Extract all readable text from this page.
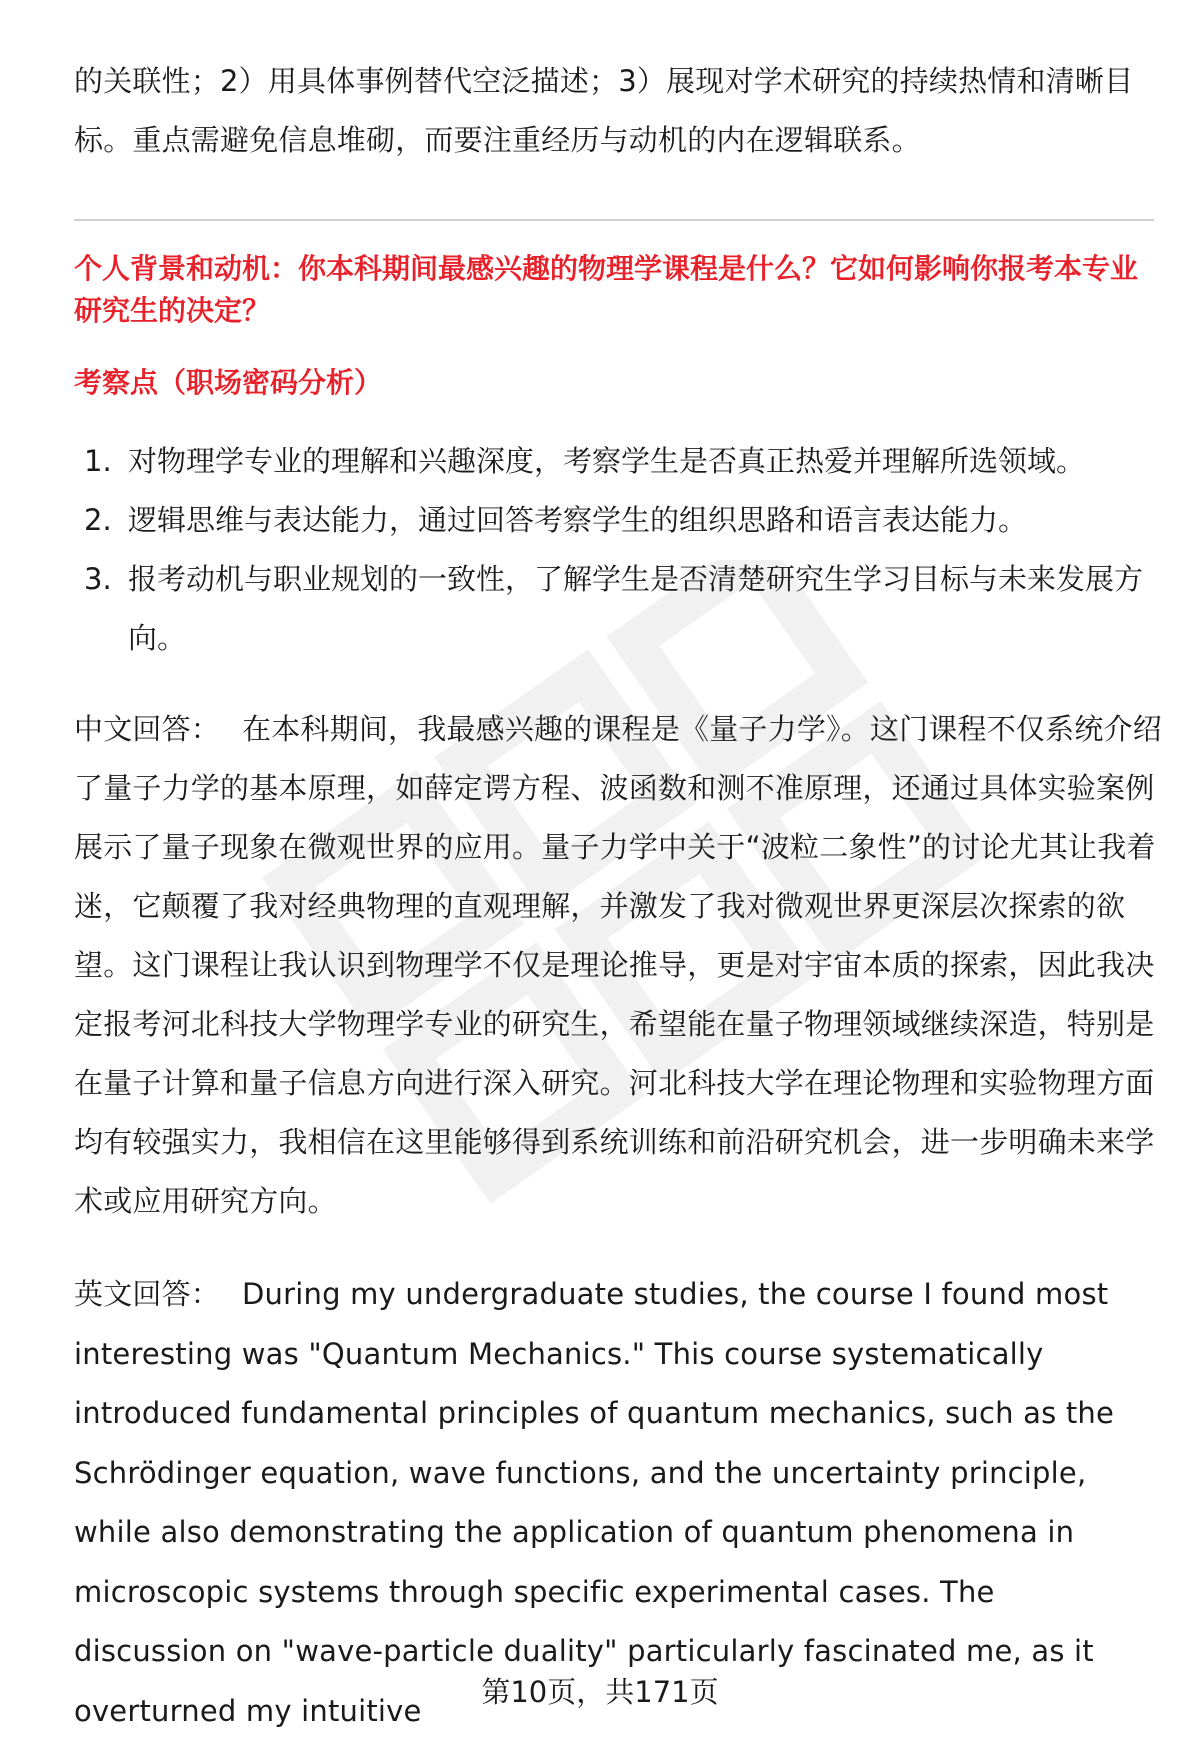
的关联性；2）用具体事例替代空泛描述；3）展现对学术研究的持续热情和清晰目标。重点需避免信息堆砌，而要注重经历与动机的内在逻辑联系。

个人背景和动机：你本科期间最感兴趣的物理学课程是什么？它如何影响你报考本专业研究生的决定？

考察点（职场密码分析）

1. 对物理学专业的理解和兴趣深度，考察学生是否真正热爱并理解所选领域。
2. 逻辑思维与表达能力，通过回答考察学生的组织思路和语言表达能力。
3. 报考动机与职业规划的一致性，了解学生是否清楚研究生学习目标与未来发展方向。

中文回答： 在本科期间，我最感兴趣的课程是《量子力学》。这门课程不仅系统介绍了量子力学的基本原理，如薛定谔方程、波函数和测不准原理，还通过具体实验案例展示了量子现象在微观世界的应用。量子力学中关于“波粒二象性”的讨论尤其让我着迷，它颠覆了我对经典物理的直观理解，并激发了我对微观世界更深层次探索的欲望。这门课程让我认识到物理学不仅是理论推导，更是对宇宙本质的探索，因此我决定报考河北科技大学物理学专业的研究生，希望能在量子物理领域继续深造，特别是在量子计算和量子信息方向进行深入研究。河北科技大学在理论物理和实验物理方面均有较强实力，我相信在这里能够得到系统训练和前沿研究机会，进一步明确未来学术或应用研究方向。

英文回答： During my undergraduate studies, the course I found most interesting was "Quantum Mechanics." This course systematically introduced fundamental principles of quantum mechanics, such as the Schrödinger equation, wave functions, and the uncertainty principle, while also demonstrating the application of quantum phenomena in microscopic systems through specific experimental cases. The discussion on "wave-particle duality" particularly fascinated me, as it overturned my intuitive

第10页，共171页
